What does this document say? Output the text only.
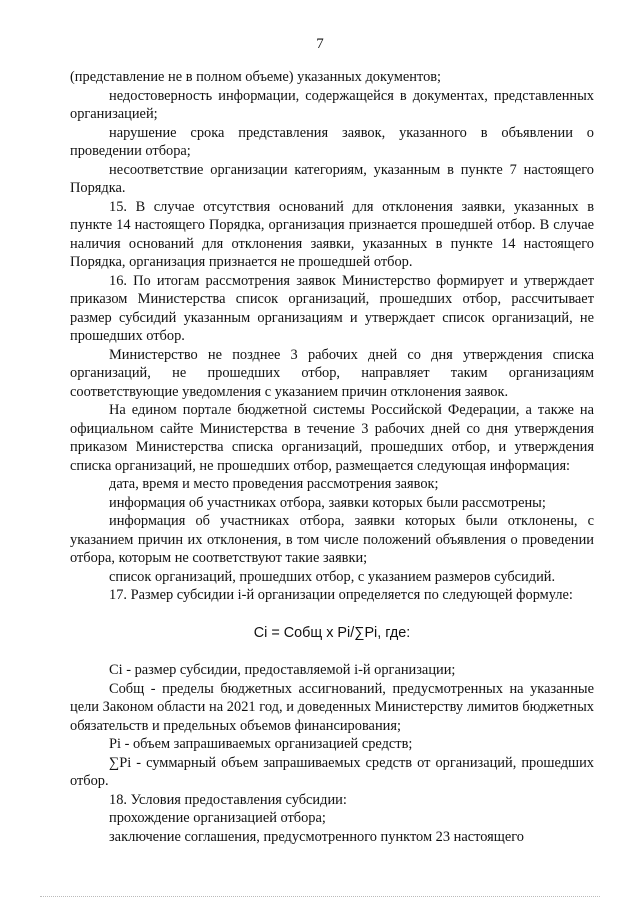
7

(представление не в полном объеме) указанных документов;

недостоверность информации, содержащейся в документах, представленных организацией;

нарушение срока представления заявок, указанного в объявлении о проведении отбора;

несоответствие организации категориям, указанным в пункте 7 настоящего Порядка.

15. В случае отсутствия оснований для отклонения заявки, указанных в пункте 14 настоящего Порядка, организация признается прошедшей отбор. В случае наличия оснований для отклонения заявки, указанных в пункте 14 настоящего Порядка, организация признается не прошедшей отбор.

16. По итогам рассмотрения заявок Министерство формирует и утверждает приказом Министерства список организаций, прошедших отбор, рассчитывает размер субсидий указанным организациям и утверждает список организаций, не прошедших отбор.

Министерство не позднее 3 рабочих дней со дня утверждения списка организаций, не прошедших отбор, направляет таким организациям соответствующие уведомления с указанием причин отклонения заявок.

На едином портале бюджетной системы Российской Федерации, а также на официальном сайте Министерства в течение 3 рабочих дней со дня утверждения приказом Министерства списка организаций, прошедших отбор, и утверждения списка организаций, не прошедших отбор, размещается следующая информация:

дата, время и место проведения рассмотрения заявок;

информация об участниках отбора, заявки которых были рассмотрены;

информация об участниках отбора, заявки которых были отклонены, с указанием причин их отклонения, в том числе положений объявления о проведении отбора, которым не соответствуют такие заявки;

список организаций, прошедших отбор, с указанием размеров субсидий.

17. Размер субсидии i-й организации определяется по следующей формуле:

Ci = Cобщ x Pi/∑Pi, где:

Ci - размер субсидии, предоставляемой i-й организации;

Cобщ - пределы бюджетных ассигнований, предусмотренных на указанные цели Законом области на 2021 год, и доведенных Министерству лимитов бюджетных обязательств и предельных объемов финансирования;

Pi - объем запрашиваемых организацией средств;

∑Pi - суммарный объем запрашиваемых средств от организаций, прошедших отбор.

18. Условия предоставления субсидии:

прохождение организацией отбора;

заключение соглашения, предусмотренного пунктом 23 настоящего
